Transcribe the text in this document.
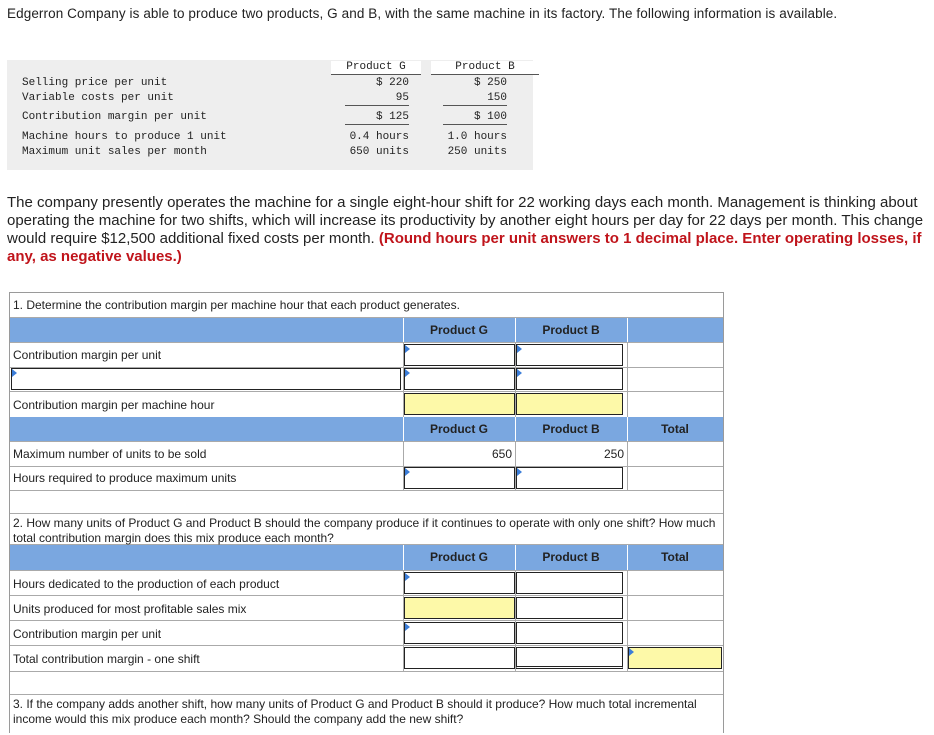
Edgerron Company is able to produce two products, G and B, with the same machine in its factory. The following information is available.
Product G	Product B
Selling price per unit	$ 220	$ 250
Variable costs per unit	95	150
Contribution margin per unit	$ 125	$ 100
Machine hours to produce 1 unit	0.4 hours	1.0 hours
Maximum unit sales per month	650 units	250 units
The company presently operates the machine for a single eight-hour shift for 22 working days each month. Management is thinking about operating the machine for two shifts, which will increase its productivity by another eight hours per day for 22 days per month. This change would require $12,500 additional fixed costs per month. (Round hours per unit answers to 1 decimal place. Enter operating losses, if any, as negative values.)
1. Determine the contribution margin per machine hour that each product generates.
Product G	Product B
Contribution margin per unit
Contribution margin per machine hour
Product G	Product B	Total
Maximum number of units to be sold	650	250
Hours required to produce maximum units
2. How many units of Product G and Product B should the company produce if it continues to operate with only one shift? How much total contribution margin does this mix produce each month?
Product G	Product B	Total
Hours dedicated to the production of each product
Units produced for most profitable sales mix
Contribution margin per unit
Total contribution margin - one shift
3. If the company adds another shift, how many units of Product G and Product B should it produce? How much total incremental income would this mix produce each month? Should the company add the new shift?
